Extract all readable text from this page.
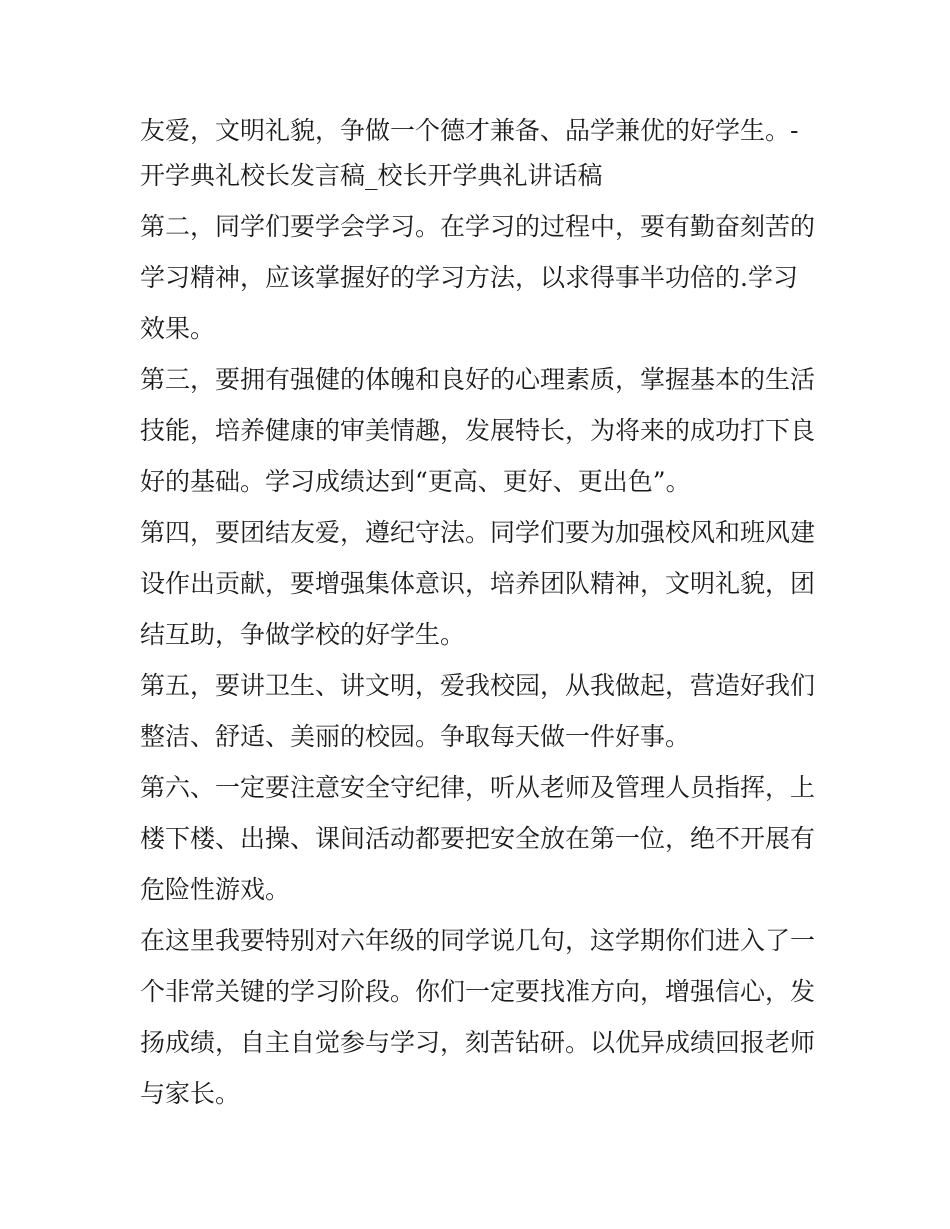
友爱，文明礼貌，争做一个德才兼备、品学兼优的好学生。-
开学典礼校长发言稿_校长开学典礼讲话稿
第二，同学们要学会学习。在学习的过程中，要有勤奋刻苦的
学习精神，应该掌握好的学习方法，以求得事半功倍的.学习
效果。
第三，要拥有强健的体魄和良好的心理素质，掌握基本的生活
技能，培养健康的审美情趣，发展特长，为将来的成功打下良
好的基础。学习成绩达到“更高、更好、更出色”。
第四，要团结友爱，遵纪守法。同学们要为加强校风和班风建
设作出贡献，要增强集体意识，培养团队精神，文明礼貌，团
结互助，争做学校的好学生。
第五，要讲卫生、讲文明，爱我校园，从我做起，营造好我们
整洁、舒适、美丽的校园。争取每天做一件好事。
第六、一定要注意安全守纪律，听从老师及管理人员指挥，上
楼下楼、出操、课间活动都要把安全放在第一位，绝不开展有
危险性游戏。
在这里我要特别对六年级的同学说几句，这学期你们进入了一
个非常关键的学习阶段。你们一定要找准方向，增强信心，发
扬成绩，自主自觉参与学习，刻苦钻研。以优异成绩回报老师
与家长。
